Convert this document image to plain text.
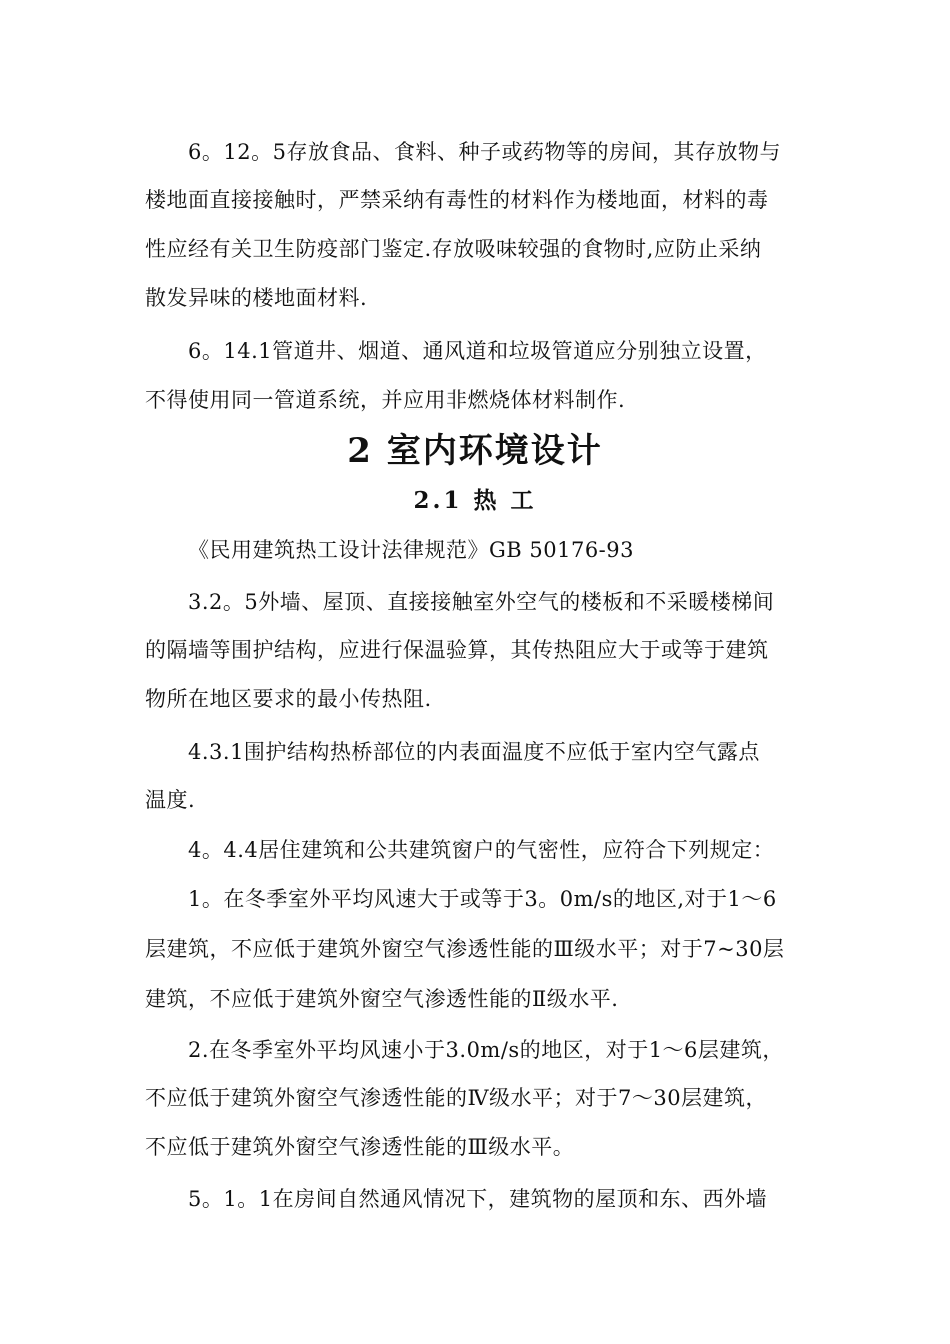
6。12。5存放食品、食料、种子或药物等的房间，其存放物与
楼地面直接接触时，严禁采纳有毒性的材料作为楼地面，材料的毒
性应经有关卫生防疫部门鉴定.存放吸味较强的食物时,应防止采纳
散发异味的楼地面材料.
6。14.1管道井、烟道、通风道和垃圾管道应分别独立设置，
不得使用同一管道系统，并应用非燃烧体材料制作.
2 室内环境设计
2.1 热 工
《民用建筑热工设计法律规范》GB 50176-93
3.2。5外墙、屋顶、直接接触室外空气的楼板和不采暖楼梯间
的隔墙等围护结构，应进行保温验算，其传热阻应大于或等于建筑
物所在地区要求的最小传热阻.
4.3.1围护结构热桥部位的内表面温度不应低于室内空气露点
温度.
4。4.4居住建筑和公共建筑窗户的气密性，应符合下列规定：
1。在冬季室外平均风速大于或等于3。0m/s的地区,对于1～6
层建筑，不应低于建筑外窗空气渗透性能的Ⅲ级水平；对于7~30层
建筑，不应低于建筑外窗空气渗透性能的Ⅱ级水平.
2.在冬季室外平均风速小于3.0m/s的地区，对于1～6层建筑，
不应低于建筑外窗空气渗透性能的Ⅳ级水平；对于7～30层建筑，
不应低于建筑外窗空气渗透性能的Ⅲ级水平。
5。1。1在房间自然通风情况下，建筑物的屋顶和东、西外墙
